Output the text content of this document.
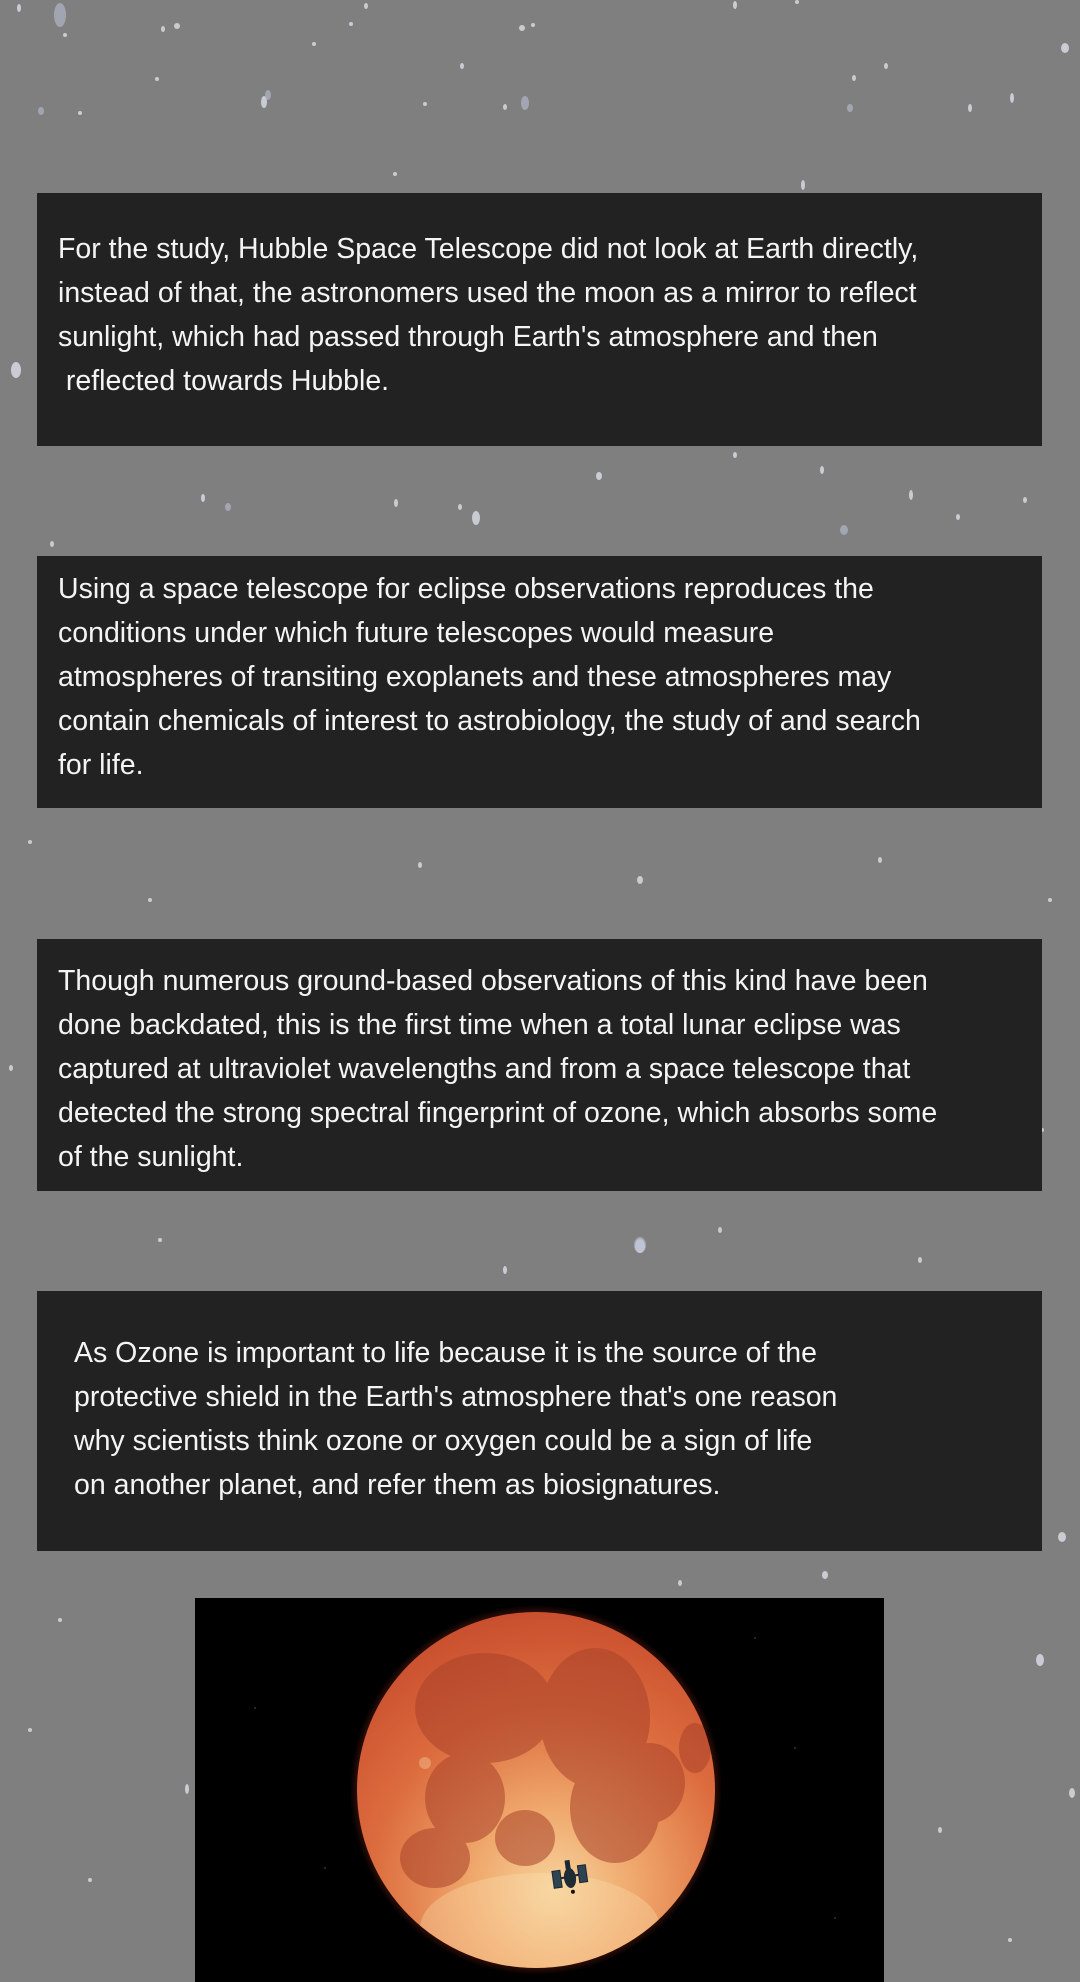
For the study, Hubble Space Telescope did not look at Earth directly,
instead of that, the astronomers used the moon as a mirror to reflect
sunlight, which had passed through Earth's atmosphere and then
reflected towards Hubble.
Using a space telescope for eclipse observations reproduces the
conditions under which future telescopes would measure
atmospheres of transiting exoplanets and these atmospheres may
contain chemicals of interest to astrobiology, the study of and search
for life.
Though numerous ground-based observations of this kind have been
done backdated, this is the first time when a total lunar eclipse was
captured at ultraviolet wavelengths and from a space telescope that
detected the strong spectral fingerprint of ozone, which absorbs some
of the sunlight.
As Ozone is important to life because it is the source of the
protective shield in the Earth's atmosphere that's one reason
why scientists think ozone or oxygen could be a sign of life
on another planet, and refer them as biosignatures.
